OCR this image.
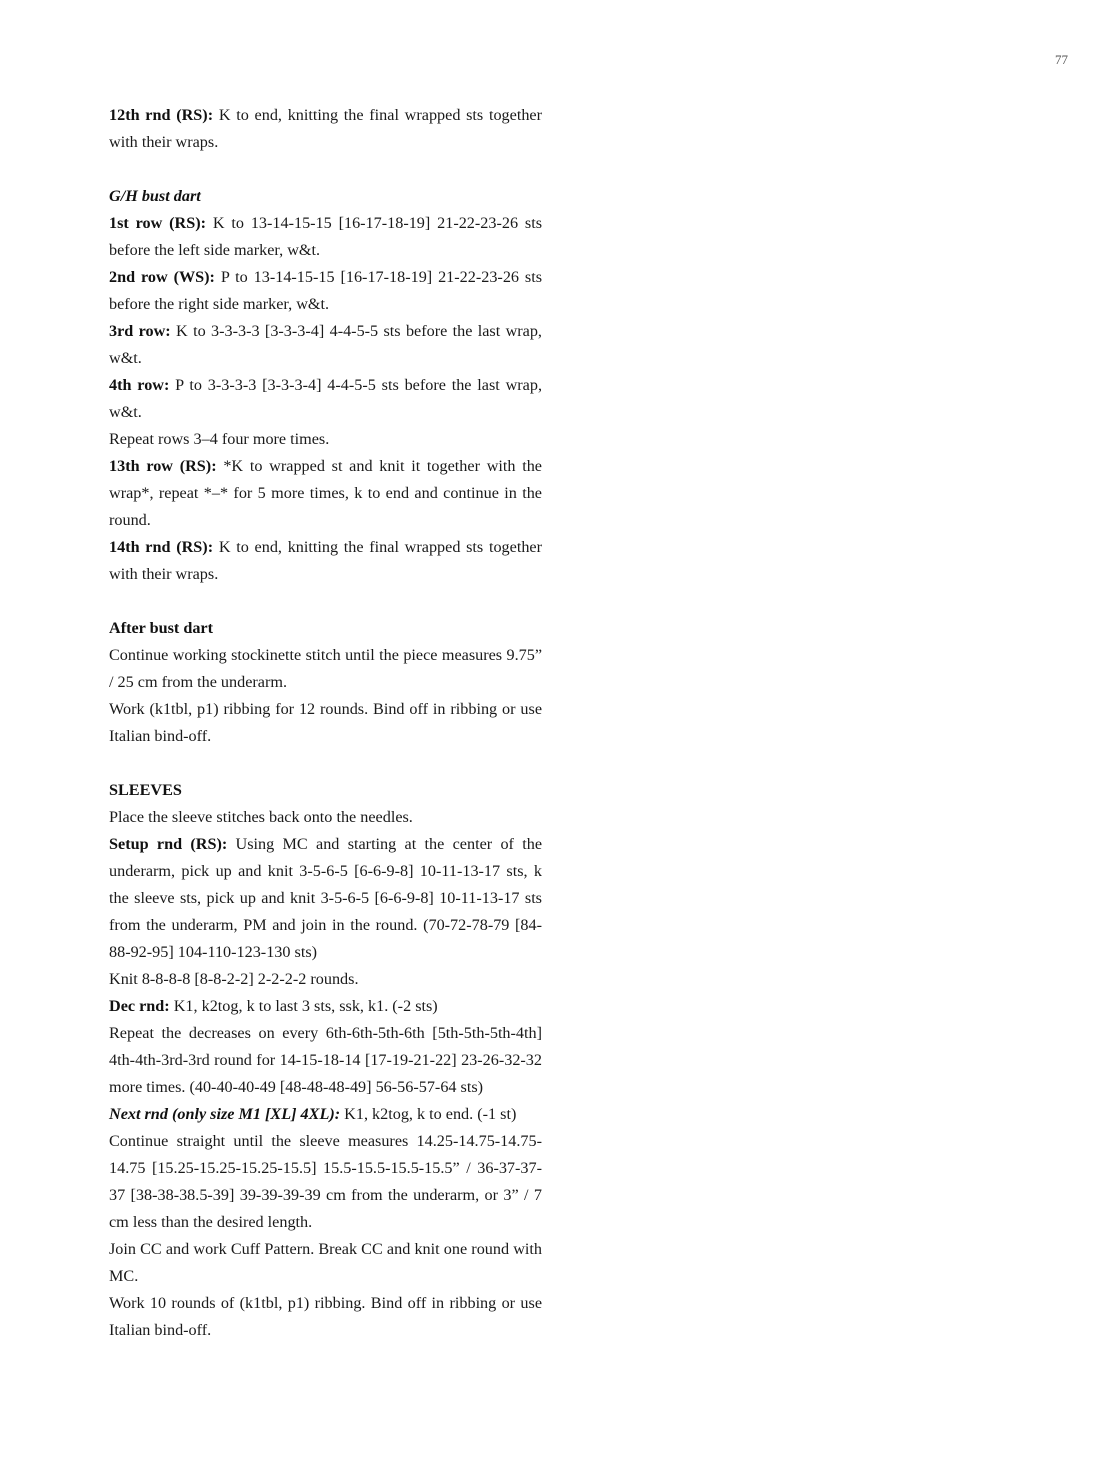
77

12th rnd (RS): K to end, knitting the final wrapped sts together with their wraps.

G/H bust dart

1st row (RS): K to 13-14-15-15 [16-17-18-19] 21-22-23-26 sts before the left side marker, w&t.

2nd row (WS): P to 13-14-15-15 [16-17-18-19] 21-22-23-26 sts before the right side marker, w&t.

3rd row: K to 3-3-3-3 [3-3-3-4] 4-4-5-5 sts before the last wrap, w&t.

4th row: P to 3-3-3-3 [3-3-3-4] 4-4-5-5 sts before the last wrap, w&t.

Repeat rows 3–4 four more times.

13th row (RS): *K to wrapped st and knit it together with the wrap*, repeat *–* for 5 more times, k to end and continue in the round.

14th rnd (RS): K to end, knitting the final wrapped sts together with their wraps.

After bust dart

Continue working stockinette stitch until the piece measures 9.75” / 25 cm from the underarm.

Work (k1tbl, p1) ribbing for 12 rounds. Bind off in ribbing or use Italian bind-off.

SLEEVES

Place the sleeve stitches back onto the needles.

Setup rnd (RS): Using MC and starting at the center of the underarm, pick up and knit 3-5-6-5 [6-6-9-8] 10-11-13-17 sts, k the sleeve sts, pick up and knit 3-5-6-5 [6-6-9-8] 10-11-13-17 sts from the underarm, PM and join in the round. (70-72-78-79 [84-88-92-95] 104-110-123-130 sts)

Knit 8-8-8-8 [8-8-2-2] 2-2-2-2 rounds.

Dec rnd: K1, k2tog, k to last 3 sts, ssk, k1. (-2 sts)

Repeat the decreases on every 6th-6th-5th-6th [5th-5th-5th-4th] 4th-4th-3rd-3rd round for 14-15-18-14 [17-19-21-22] 23-26-32-32 more times. (40-40-40-49 [48-48-48-49] 56-56-57-64 sts)

Next rnd (only size M1 [XL] 4XL): K1, k2tog, k to end. (-1 st)

Continue straight until the sleeve measures 14.25-14.75-14.75-14.75 [15.25-15.25-15.25-15.5] 15.5-15.5-15.5-15.5” / 36-37-37-37 [38-38-38.5-39] 39-39-39-39 cm from the underarm, or 3” / 7 cm less than the desired length.

Join CC and work Cuff Pattern. Break CC and knit one round with MC.

Work 10 rounds of (k1tbl, p1) ribbing. Bind off in ribbing or use Italian bind-off.
